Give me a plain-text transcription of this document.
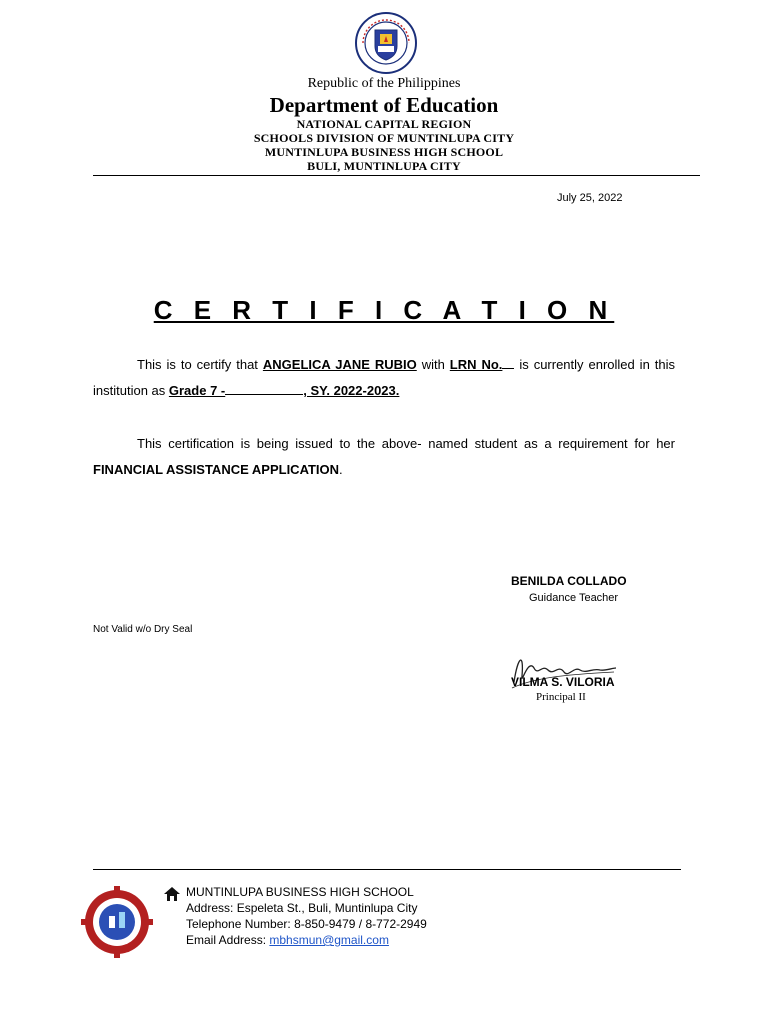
Republic of the Philippines
Department of Education
NATIONAL CAPITAL REGION
SCHOOLS DIVISION OF MUNTINLUPA CITY
MUNTINLUPA BUSINESS HIGH SCHOOL
BULI, MUNTINLUPA CITY
July 25, 2022
C E R T I F I C A T I O N
This is to certify that ANGELICA JANE RUBIO with LRN No. is currently enrolled in this institution as Grade 7 -	, SY. 2022-2023.
This certification is being issued to the above- named student as a requirement for her FINANCIAL ASSISTANCE APPLICATION.
BENILDA COLLADO
Guidance Teacher
Not Valid w/o Dry Seal
VILMA S. VILORIA
Principal II
MUNTINLUPA BUSINESS HIGH SCHOOL
Address: Espeleta St., Buli, Muntinlupa City
Telephone Number: 8-850-9479 / 8-772-2949
Email Address: mbhsmun@gmail.com
